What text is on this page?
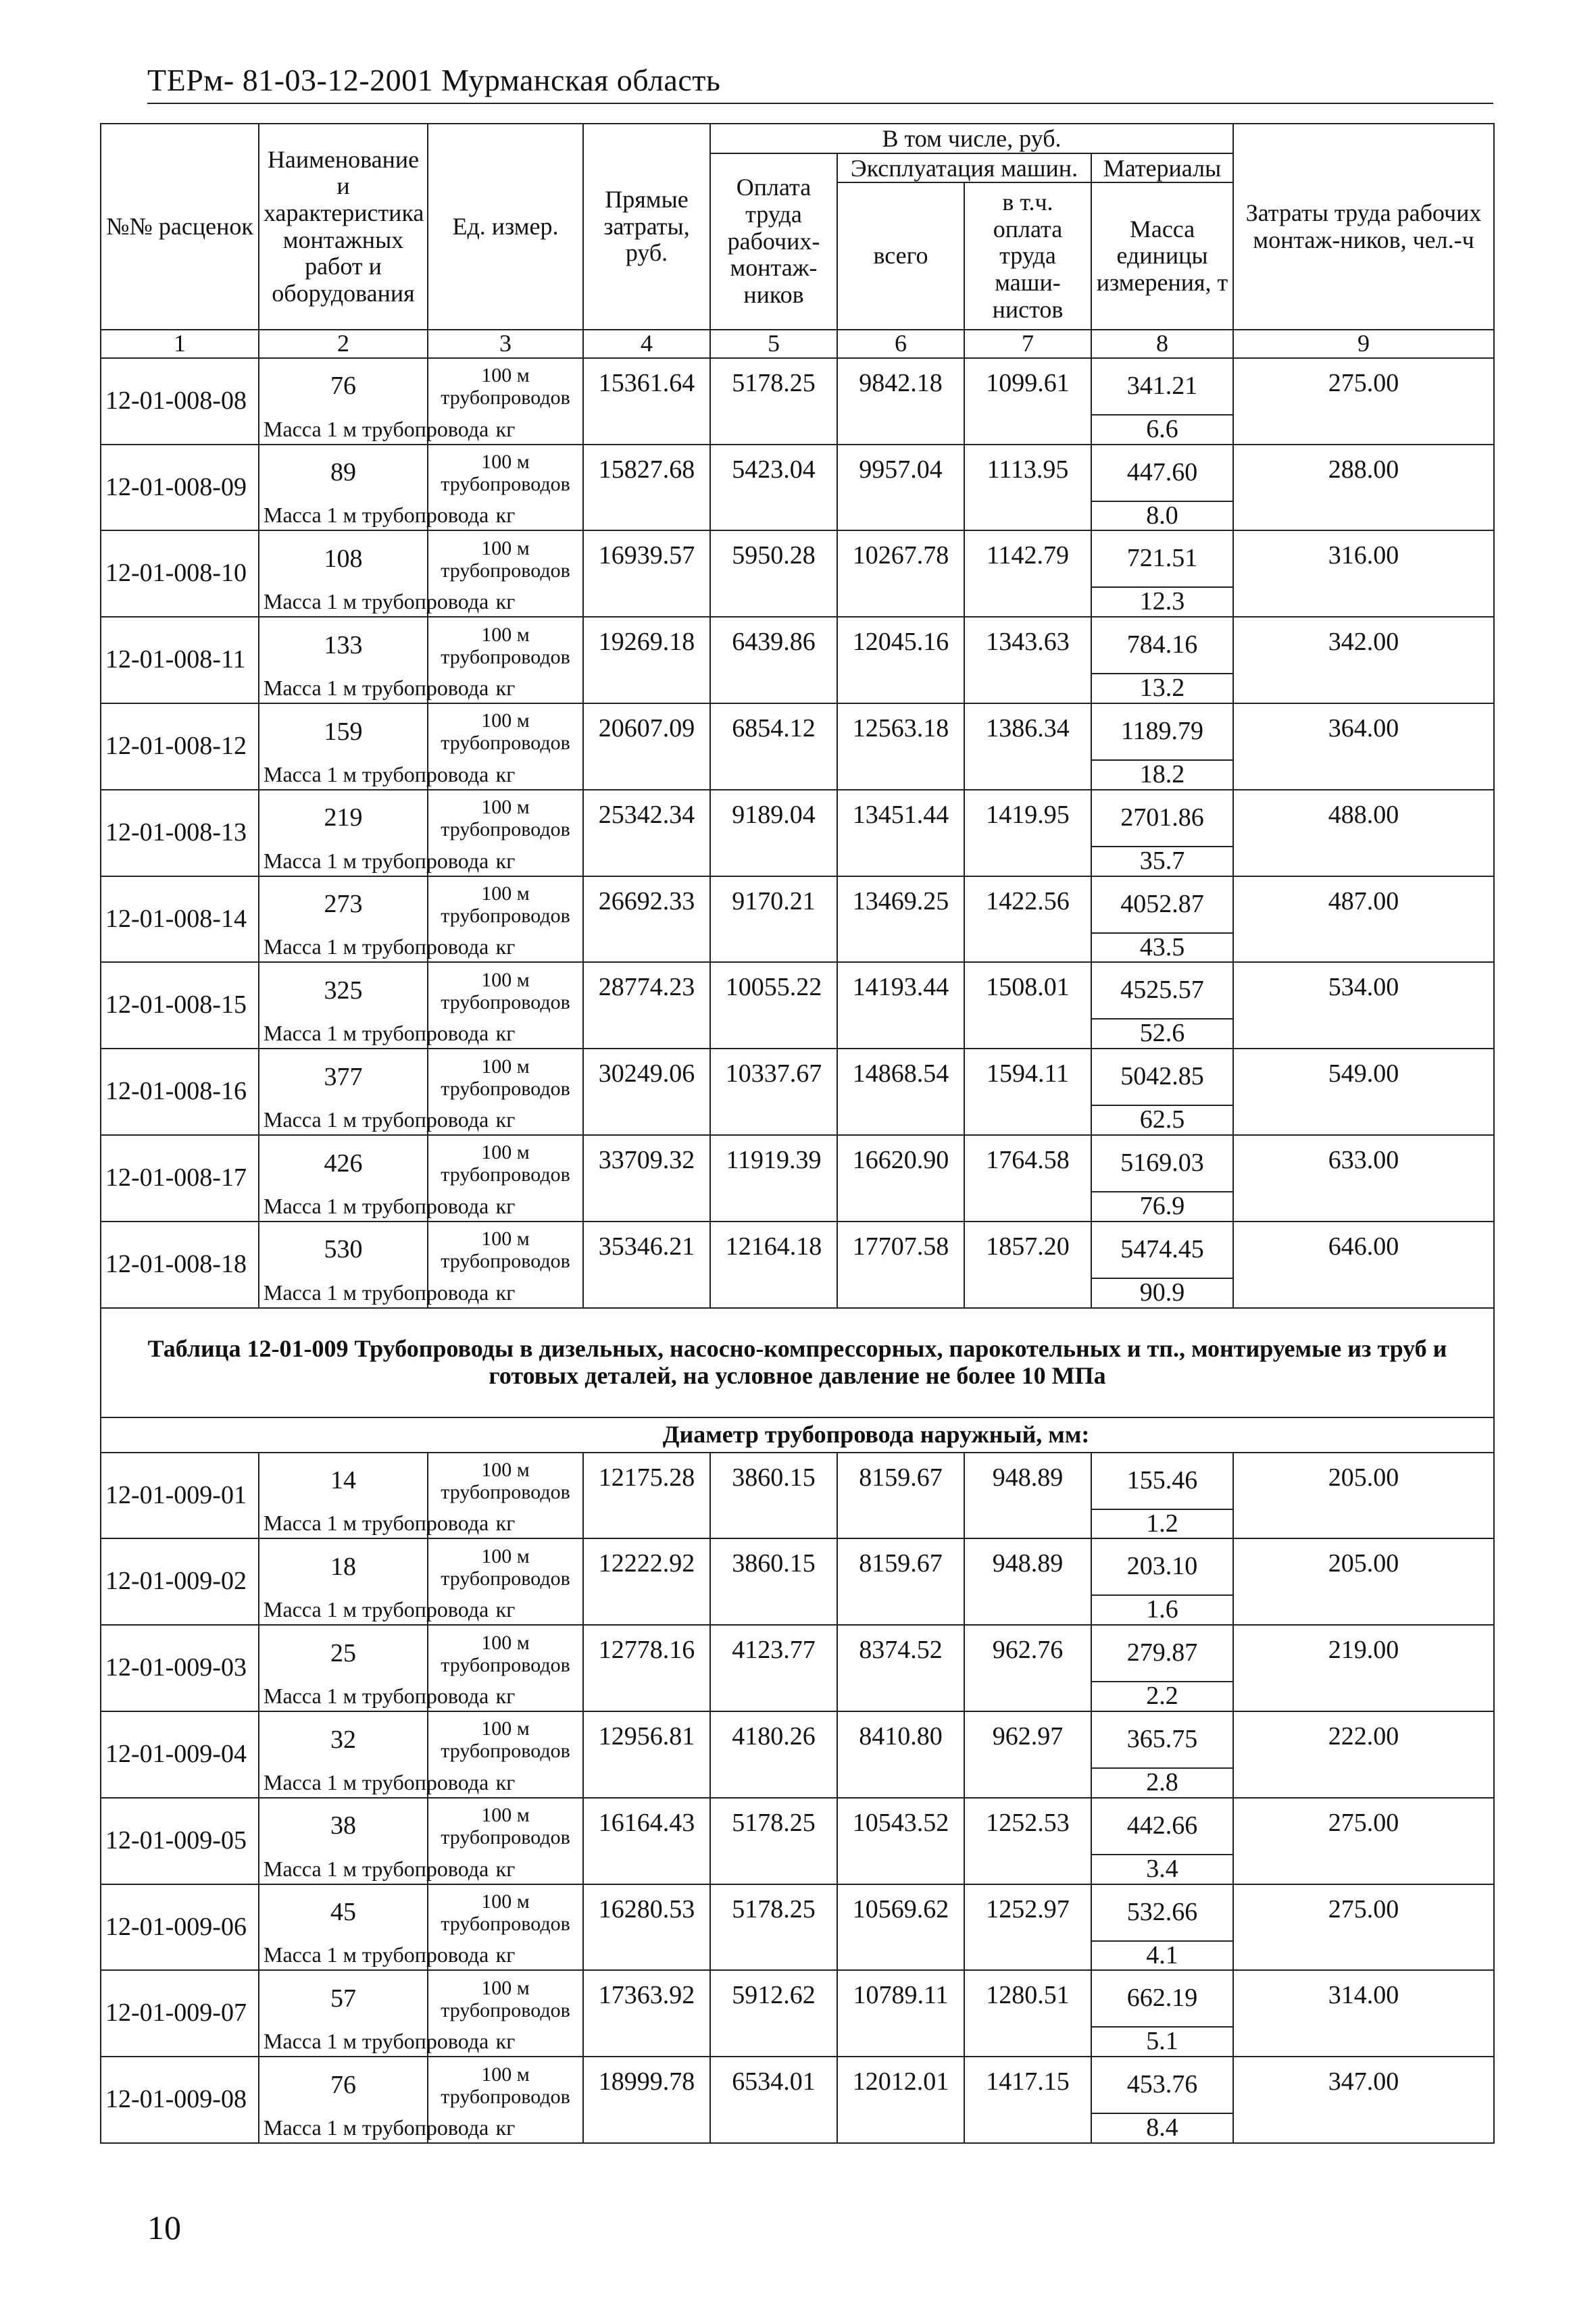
ТЕРм- 81-03-12-2001 Мурманская область
№№ расценок	Наименование и характеристика монтажных работ и оборудования	Ед. измер.	Прямые затраты, руб.	В том числе, руб.				Затраты труда рабочих монтаж-ников, чел.-ч
				Оплата труда рабочих-монтаж-ников	Эксплуатация машин.		Материалы	
					всего	в т.ч. оплата труда маши-нистов	Масса единицы измерения, т	
1	2	3	4	5	6	7	8	9
12-01-008-08	76	100 м трубопроводов	15361.64	5178.25	9842.18	1099.61	341.21	275.00
	Масса 1 м трубопровода	кг					6.6	
12-01-008-09	89	100 м трубопроводов	15827.68	5423.04	9957.04	1113.95	447.60	288.00
	Масса 1 м трубопровода	кг					8.0	
12-01-008-10	108	100 м трубопроводов	16939.57	5950.28	10267.78	1142.79	721.51	316.00
	Масса 1 м трубопровода	кг					12.3	
12-01-008-11	133	100 м трубопроводов	19269.18	6439.86	12045.16	1343.63	784.16	342.00
	Масса 1 м трубопровода	кг					13.2	
12-01-008-12	159	100 м трубопроводов	20607.09	6854.12	12563.18	1386.34	1189.79	364.00
	Масса 1 м трубопровода	кг					18.2	
12-01-008-13	219	100 м трубопроводов	25342.34	9189.04	13451.44	1419.95	2701.86	488.00
	Масса 1 м трубопровода	кг					35.7	
12-01-008-14	273	100 м трубопроводов	26692.33	9170.21	13469.25	1422.56	4052.87	487.00
	Масса 1 м трубопровода	кг					43.5	
12-01-008-15	325	100 м трубопроводов	28774.23	10055.22	14193.44	1508.01	4525.57	534.00
	Масса 1 м трубопровода	кг					52.6	
12-01-008-16	377	100 м трубопроводов	30249.06	10337.67	14868.54	1594.11	5042.85	549.00
	Масса 1 м трубопровода	кг					62.5	
12-01-008-17	426	100 м трубопроводов	33709.32	11919.39	16620.90	1764.58	5169.03	633.00
	Масса 1 м трубопровода	кг					76.9	
12-01-008-18	530	100 м трубопроводов	35346.21	12164.18	17707.58	1857.20	5474.45	646.00
	Масса 1 м трубопровода	кг					90.9	
Таблица 12-01-009 Трубопроводы в дизельных, насосно-компрессорных, парокотельных и тп., монтируемые из труб и готовых деталей, на условное давление не более 10 МПа								
	Диаметр трубопровода наружный, мм:							
12-01-009-01	14	100 м трубопроводов	12175.28	3860.15	8159.67	948.89	155.46	205.00
	Масса 1 м трубопровода	кг					1.2	
12-01-009-02	18	100 м трубопроводов	12222.92	3860.15	8159.67	948.89	203.10	205.00
	Масса 1 м трубопровода	кг					1.6	
12-01-009-03	25	100 м трубопроводов	12778.16	4123.77	8374.52	962.76	279.87	219.00
	Масса 1 м трубопровода	кг					2.2	
12-01-009-04	32	100 м трубопроводов	12956.81	4180.26	8410.80	962.97	365.75	222.00
	Масса 1 м трубопровода	кг					2.8	
12-01-009-05	38	100 м трубопроводов	16164.43	5178.25	10543.52	1252.53	442.66	275.00
	Масса 1 м трубопровода	кг					3.4	
12-01-009-06	45	100 м трубопроводов	16280.53	5178.25	10569.62	1252.97	532.66	275.00
	Масса 1 м трубопровода	кг					4.1	
12-01-009-07	57	100 м трубопроводов	17363.92	5912.62	10789.11	1280.51	662.19	314.00
	Масса 1 м трубопровода	кг					5.1	
12-01-009-08	76	100 м трубопроводов	18999.78	6534.01	12012.01	1417.15	453.76	347.00
	Масса 1 м трубопровода	кг					8.4	
10
